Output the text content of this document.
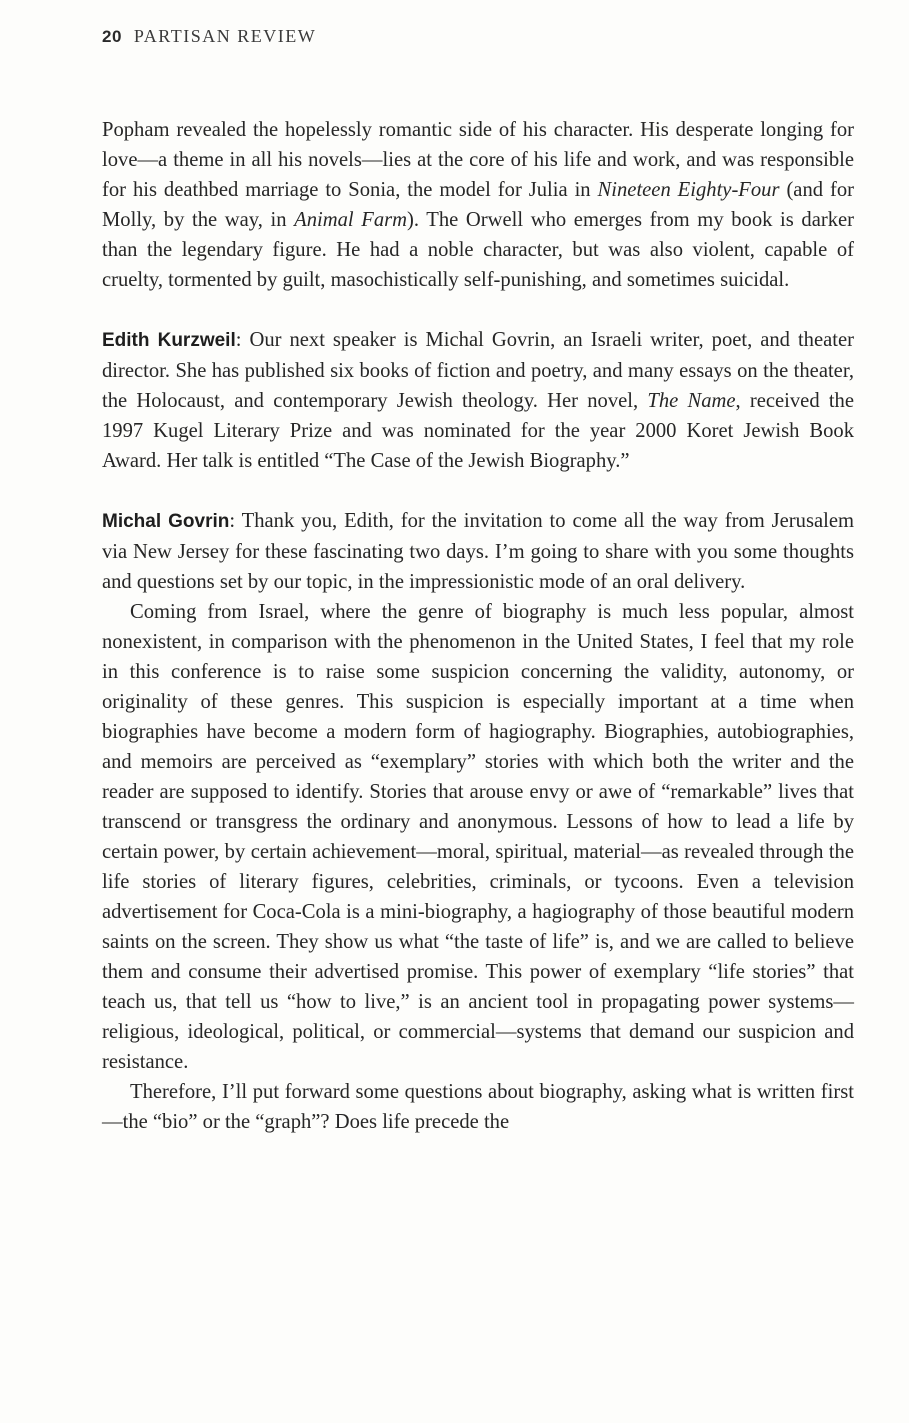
20 PARTISAN REVIEW

Popham revealed the hopelessly romantic side of his character. His desperate longing for love—a theme in all his novels—lies at the core of his life and work, and was responsible for his deathbed marriage to Sonia, the model for Julia in Nineteen Eighty-Four (and for Molly, by the way, in Animal Farm). The Orwell who emerges from my book is darker than the legendary figure. He had a noble character, but was also violent, capable of cruelty, tormented by guilt, masochistically self-punishing, and sometimes suicidal.

Edith Kurzweil: Our next speaker is Michal Govrin, an Israeli writer, poet, and theater director. She has published six books of fiction and poetry, and many essays on the theater, the Holocaust, and contemporary Jewish theology. Her novel, The Name, received the 1997 Kugel Literary Prize and was nominated for the year 2000 Koret Jewish Book Award. Her talk is entitled “The Case of the Jewish Biography.”

Michal Govrin: Thank you, Edith, for the invitation to come all the way from Jerusalem via New Jersey for these fascinating two days. I’m going to share with you some thoughts and questions set by our topic, in the impressionistic mode of an oral delivery.

Coming from Israel, where the genre of biography is much less popular, almost nonexistent, in comparison with the phenomenon in the United States, I feel that my role in this conference is to raise some suspicion concerning the validity, autonomy, or originality of these genres. This suspicion is especially important at a time when biographies have become a modern form of hagiography. Biographies, autobiographies, and memoirs are perceived as “exemplary” stories with which both the writer and the reader are supposed to identify. Stories that arouse envy or awe of “remarkable” lives that transcend or transgress the ordinary and anonymous. Lessons of how to lead a life by certain power, by certain achievement—moral, spiritual, material—as revealed through the life stories of literary figures, celebrities, criminals, or tycoons. Even a television advertisement for Coca-Cola is a mini-biography, a hagiography of those beautiful modern saints on the screen. They show us what “the taste of life” is, and we are called to believe them and consume their advertised promise. This power of exemplary “life stories” that teach us, that tell us “how to live,” is an ancient tool in propagating power systems—religious, ideological, political, or commercial—systems that demand our suspicion and resistance.

Therefore, I’ll put forward some questions about biography, asking what is written first—the “bio” or the “graph”? Does life precede the
